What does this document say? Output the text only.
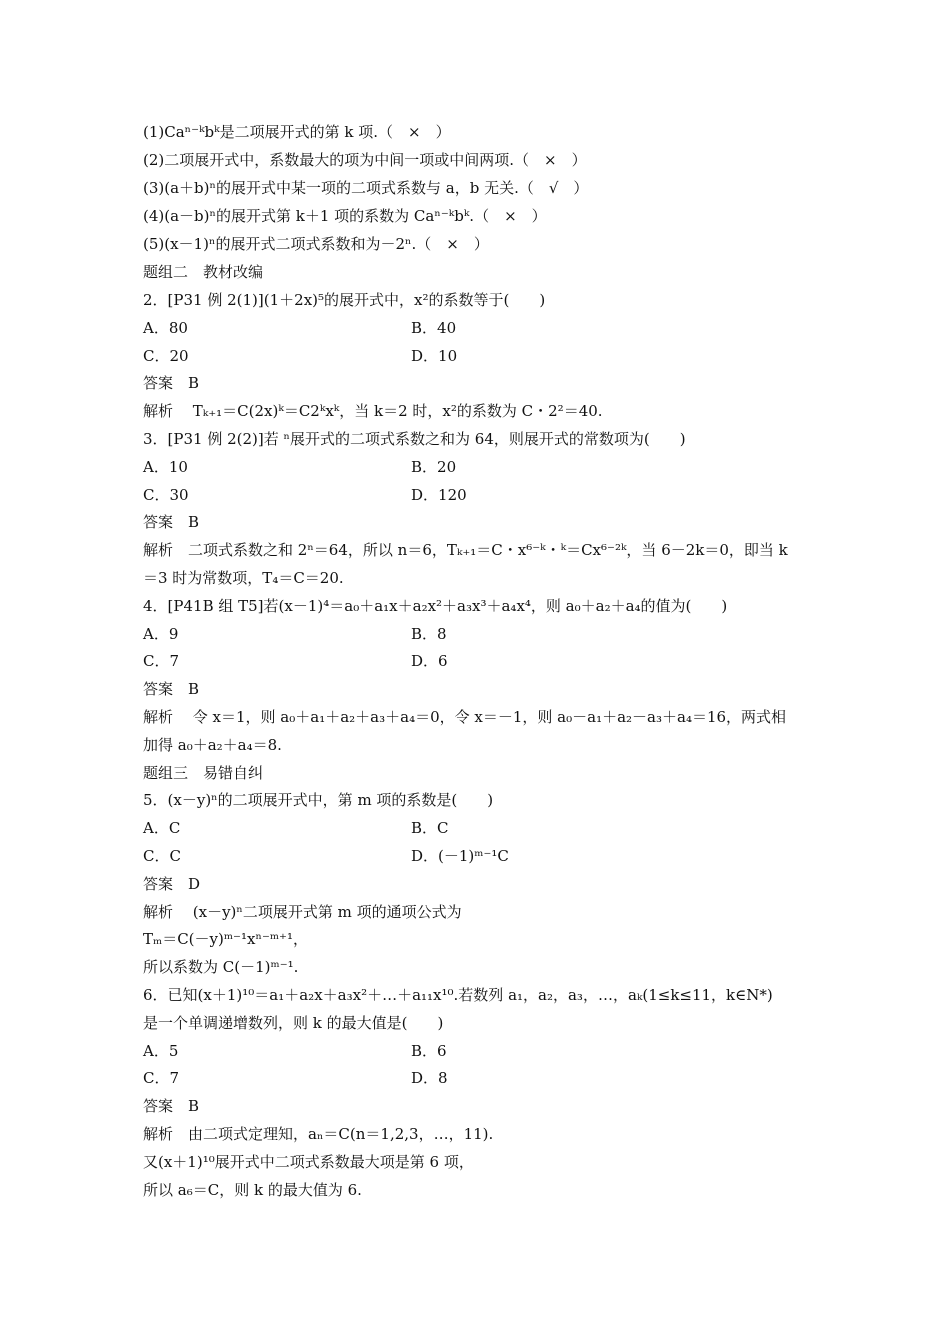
(1)Caⁿ⁻ᵏbᵏ是二项展开式的第 k 项.（　×　）
(2)二项展开式中，系数最大的项为中间一项或中间两项.（　×　）
(3)(a＋b)ⁿ的展开式中某一项的二项式系数与 a，b 无关.（　√　）
(4)(a－b)ⁿ的展开式第 k＋1 项的系数为 Caⁿ⁻ᵏbᵏ.（　×　）
(5)(x－1)ⁿ的展开式二项式系数和为－2ⁿ.（　×　）
题组二　教材改编
2．[P31 例 2(1)](1＋2x)⁵的展开式中，x²的系数等于(　　)
A．80	B．40
C．20	D．10
答案　B
解析　 Tₖ₊₁＝C(2x)ᵏ＝C2ᵏxᵏ，当 k＝2 时，x²的系数为 C・2²＝40.
3．[P31 例 2(2)]若 ⁿ展开式的二项式系数之和为 64，则展开式的常数项为(　　)
A．10	B．20
C．30	D．120
答案　B
解析　二项式系数之和 2ⁿ＝64，所以 n＝6，Tₖ₊₁＝C・x⁶⁻ᵏ・ᵏ＝Cx⁶⁻²ᵏ，当 6－2k＝0，即当 k
＝3 时为常数项，T₄＝C＝20.
4．[P41B 组 T5]若(x－1)⁴＝a₀＋a₁x＋a₂x²＋a₃x³＋a₄x⁴，则 a₀＋a₂＋a₄的值为(　　)
A．9	B．8
C．7	D．6
答案　B
解析　 令 x＝1，则 a₀＋a₁＋a₂＋a₃＋a₄＝0，令 x＝－1，则 a₀－a₁＋a₂－a₃＋a₄＝16，两式相
加得 a₀＋a₂＋a₄＝8.
题组三　易错自纠
5．(x－y)ⁿ的二项展开式中，第 m 项的系数是(　　)
A．C	B．C
C．C	D．(－1)ᵐ⁻¹C
答案　D
解析　 (x－y)ⁿ二项展开式第 m 项的通项公式为
Tₘ＝C(－y)ᵐ⁻¹xⁿ⁻ᵐ⁺¹，
所以系数为 C(－1)ᵐ⁻¹.
6．已知(x＋1)¹⁰＝a₁＋a₂x＋a₃x²＋…＋a₁₁x¹⁰.若数列 a₁，a₂，a₃，…，aₖ(1≤k≤11，k∈N*)
是一个单调递增数列，则 k 的最大值是(　　)
A．5	B．6
C．7	D．8
答案　B
解析　由二项式定理知，aₙ＝C(n＝1,2,3，…，11).
又(x＋1)¹⁰展开式中二项式系数最大项是第 6 项，
所以 a₆＝C，则 k 的最大值为 6.
